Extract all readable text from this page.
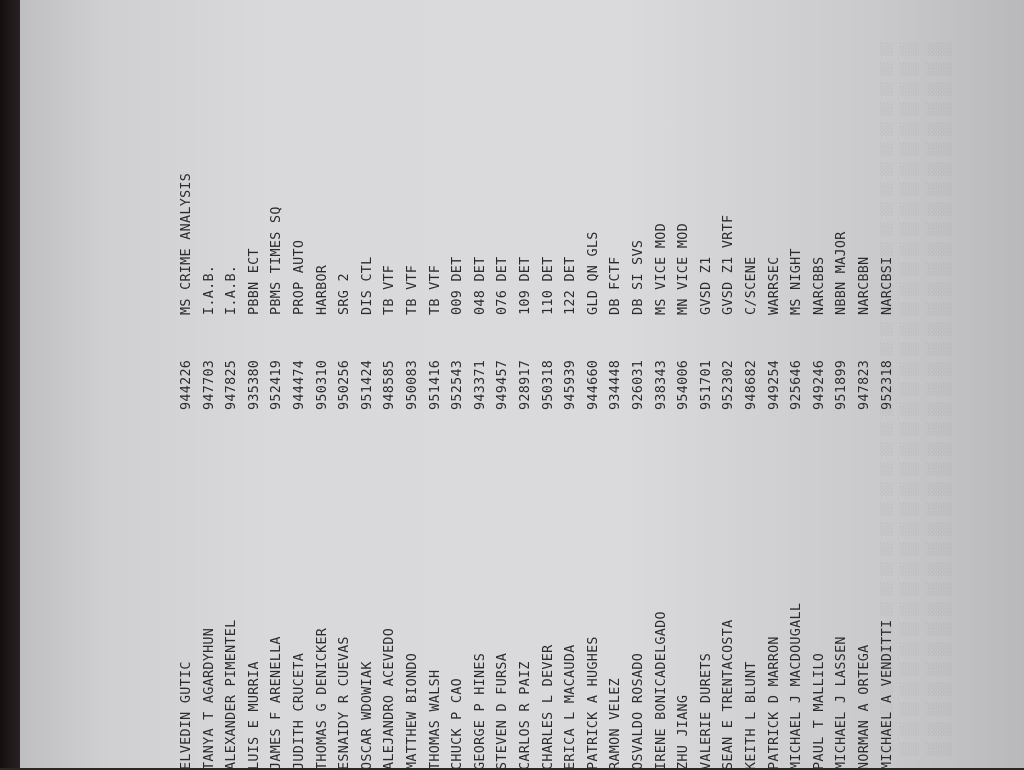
░░ ░░░ ░░░░
░░ ░░░ ░░░░
░░ ░░░ ░░░░
░░ ░░░ ░░░░
░░ ░░░ ░░░░
░░ ░░░ ░░░░
░░ ░░░ ░░░░
░░ ░░░ ░░░░
░░ ░░░ ░░░░
░░ ░░░ ░░░░
░░ ░░░ ░░░░
░░ ░░░ ░░░░
░░ ░░░ ░░░░
░░ ░░░ ░░░░
░░ ░░░ ░░░░
░░ ░░░ ░░░░
░░ ░░░ ░░░░
░░ ░░░ ░░░░
░░ ░░░ ░░░░
░░ ░░░ ░░░░
░░ ░░░ ░░░░
░░ ░░░ ░░░░
░░ ░░░ ░░░░
░░ ░░░ ░░░░
░░ ░░░ ░░░░
░░ ░░░ ░░░░
░░ ░░░ ░░░░
░░ ░░░ ░░░░
░░ ░░░ ░░░░
░░ ░░░ ░░░░
░░ ░░░ ░░░░
░░ ░░░ ░░░░
░░ ░░░ ░░░░
░░ ░░░ ░░░░
░░ ░░░ ░░░░
░░ ░░░ ░░░░

ELVEDIN GUTIC
944226
MS CRIME ANALYSIS
TANYA T AGARDYHUN
947703
I.A.B.
ALEXANDER PIMENTEL
947825
I.A.B.
LUIS E MURRIA
935380
PBBN ECT
JAMES F ARENELLA
952419
PBMS TIMES SQ
JUDITH CRUCETA
944474
PROP AUTO
THOMAS G DENICKER
950310
HARBOR
ESNAIDY R CUEVAS
950256
SRG 2
OSCAR WDOWIAK
951424
DIS CTL
ALEJANDRO ACEVEDO
948585
TB VTF
MATTHEW BIONDO
950083
TB VTF
THOMAS WALSH
951416
TB VTF
CHUCK P CAO
952543
009 DET
GEORGE P HINES
943371
048 DET
STEVEN D FURSA
949457
076 DET
CARLOS R PAIZ
928917
109 DET
CHARLES L DEVER
950318
110 DET
ERICA L MACAUDA
945939
122 DET
PATRICK A HUGHES
944660
GLD QN GLS
RAMON VELEZ
934448
DB FCTF
OSVALDO ROSADO
926031
DB SI SVS
IRENE BONICADELGADO
938343
MS VICE MOD
ZHU JIANG
954006
MN VICE MOD
VALERIE DURETS
951701
GVSD Z1
SEAN E TRENTACOSTA
952302
GVSD Z1 VRTF
KEITH L BLUNT
948682
C/SCENE
PATRICK D MARRON
949254
WARRSEC
MICHAEL J MACDOUGALL
925646
MS NIGHT
PAUL T MALLILO
949246
NARCBBS
MICHAEL J LASSEN
951899
NBBN MAJOR
NORMAN A ORTEGA
947823
NARCBBN
MICHAEL A VENDITTI
952318
NARCBSI
